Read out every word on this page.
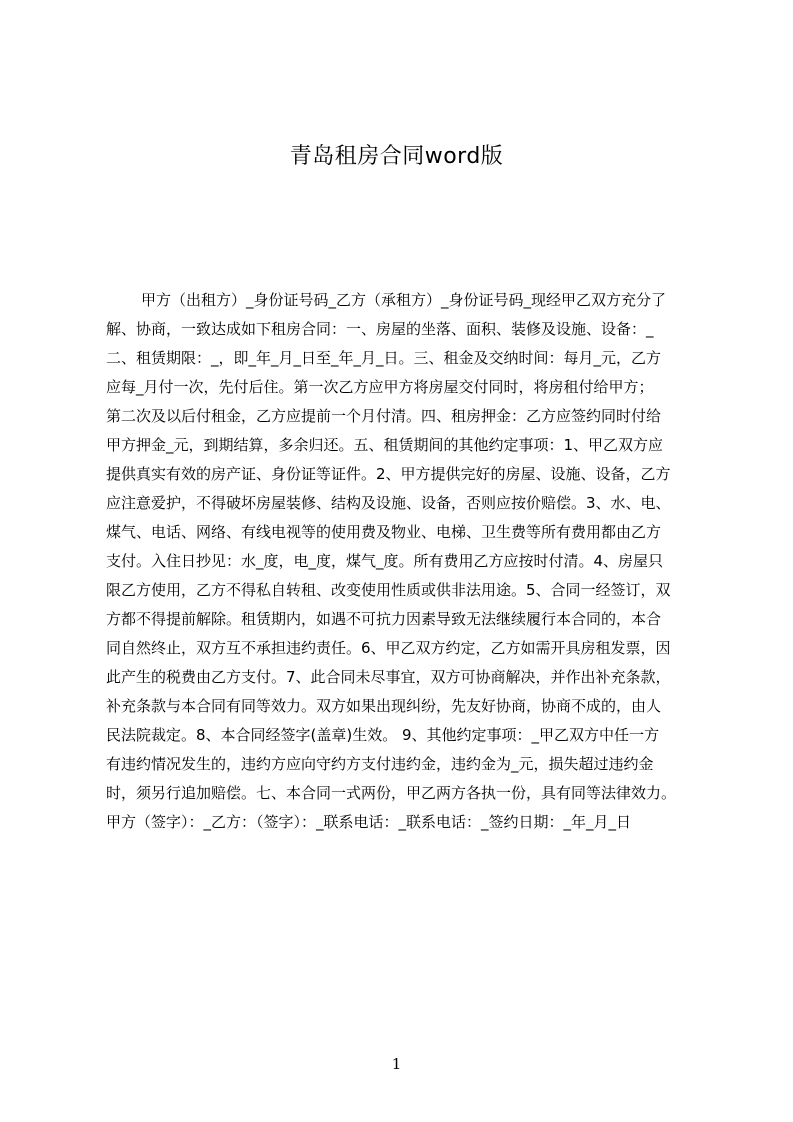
青岛租房合同word版
甲方（出租方）_身份证号码_乙方（承租方）_身份证号码_现经甲乙双方充分了
解、协商，一致达成如下租房合同：一、房屋的坐落、面积、装修及设施、设备：_
二、租赁期限：_，即_年_月_日至_年_月_日。三、租金及交纳时间：每月_元，乙方
应每_月付一次，先付后住。第一次乙方应甲方将房屋交付同时，将房租付给甲方；
第二次及以后付租金，乙方应提前一个月付清。四、租房押金：乙方应签约同时付给
甲方押金_元，到期结算，多余归还。五、租赁期间的其他约定事项：1、甲乙双方应
提供真实有效的房产证、身份证等证件。2、甲方提供完好的房屋、设施、设备，乙方
应注意爱护，不得破坏房屋装修、结构及设施、设备，否则应按价赔偿。3、水、电、
煤气、电话、网络、有线电视等的使用费及物业、电梯、卫生费等所有费用都由乙方
支付。入住日抄见：水_度，电_度，煤气_度。所有费用乙方应按时付清。4、房屋只
限乙方使用，乙方不得私自转租、改变使用性质或供非法用途。5、合同一经签订，双
方都不得提前解除。租赁期内，如遇不可抗力因素导致无法继续履行本合同的，本合
同自然终止，双方互不承担违约责任。6、甲乙双方约定，乙方如需开具房租发票，因
此产生的税费由乙方支付。7、此合同未尽事宜，双方可协商解决，并作出补充条款，
补充条款与本合同有同等效力。双方如果出现纠纷，先友好协商，协商不成的，由人
民法院裁定。8、本合同经签字(盖章)生效。 9、其他约定事项：_甲乙双方中任一方
有违约情况发生的，违约方应向守约方支付违约金，违约金为_元，损失超过违约金
时，须另行追加赔偿。七、本合同一式两份，甲乙两方各执一份，具有同等法律效力。
甲方（签字）：_乙方：（签字）：_联系电话：_联系电话：_签约日期：_年_月_日
1
